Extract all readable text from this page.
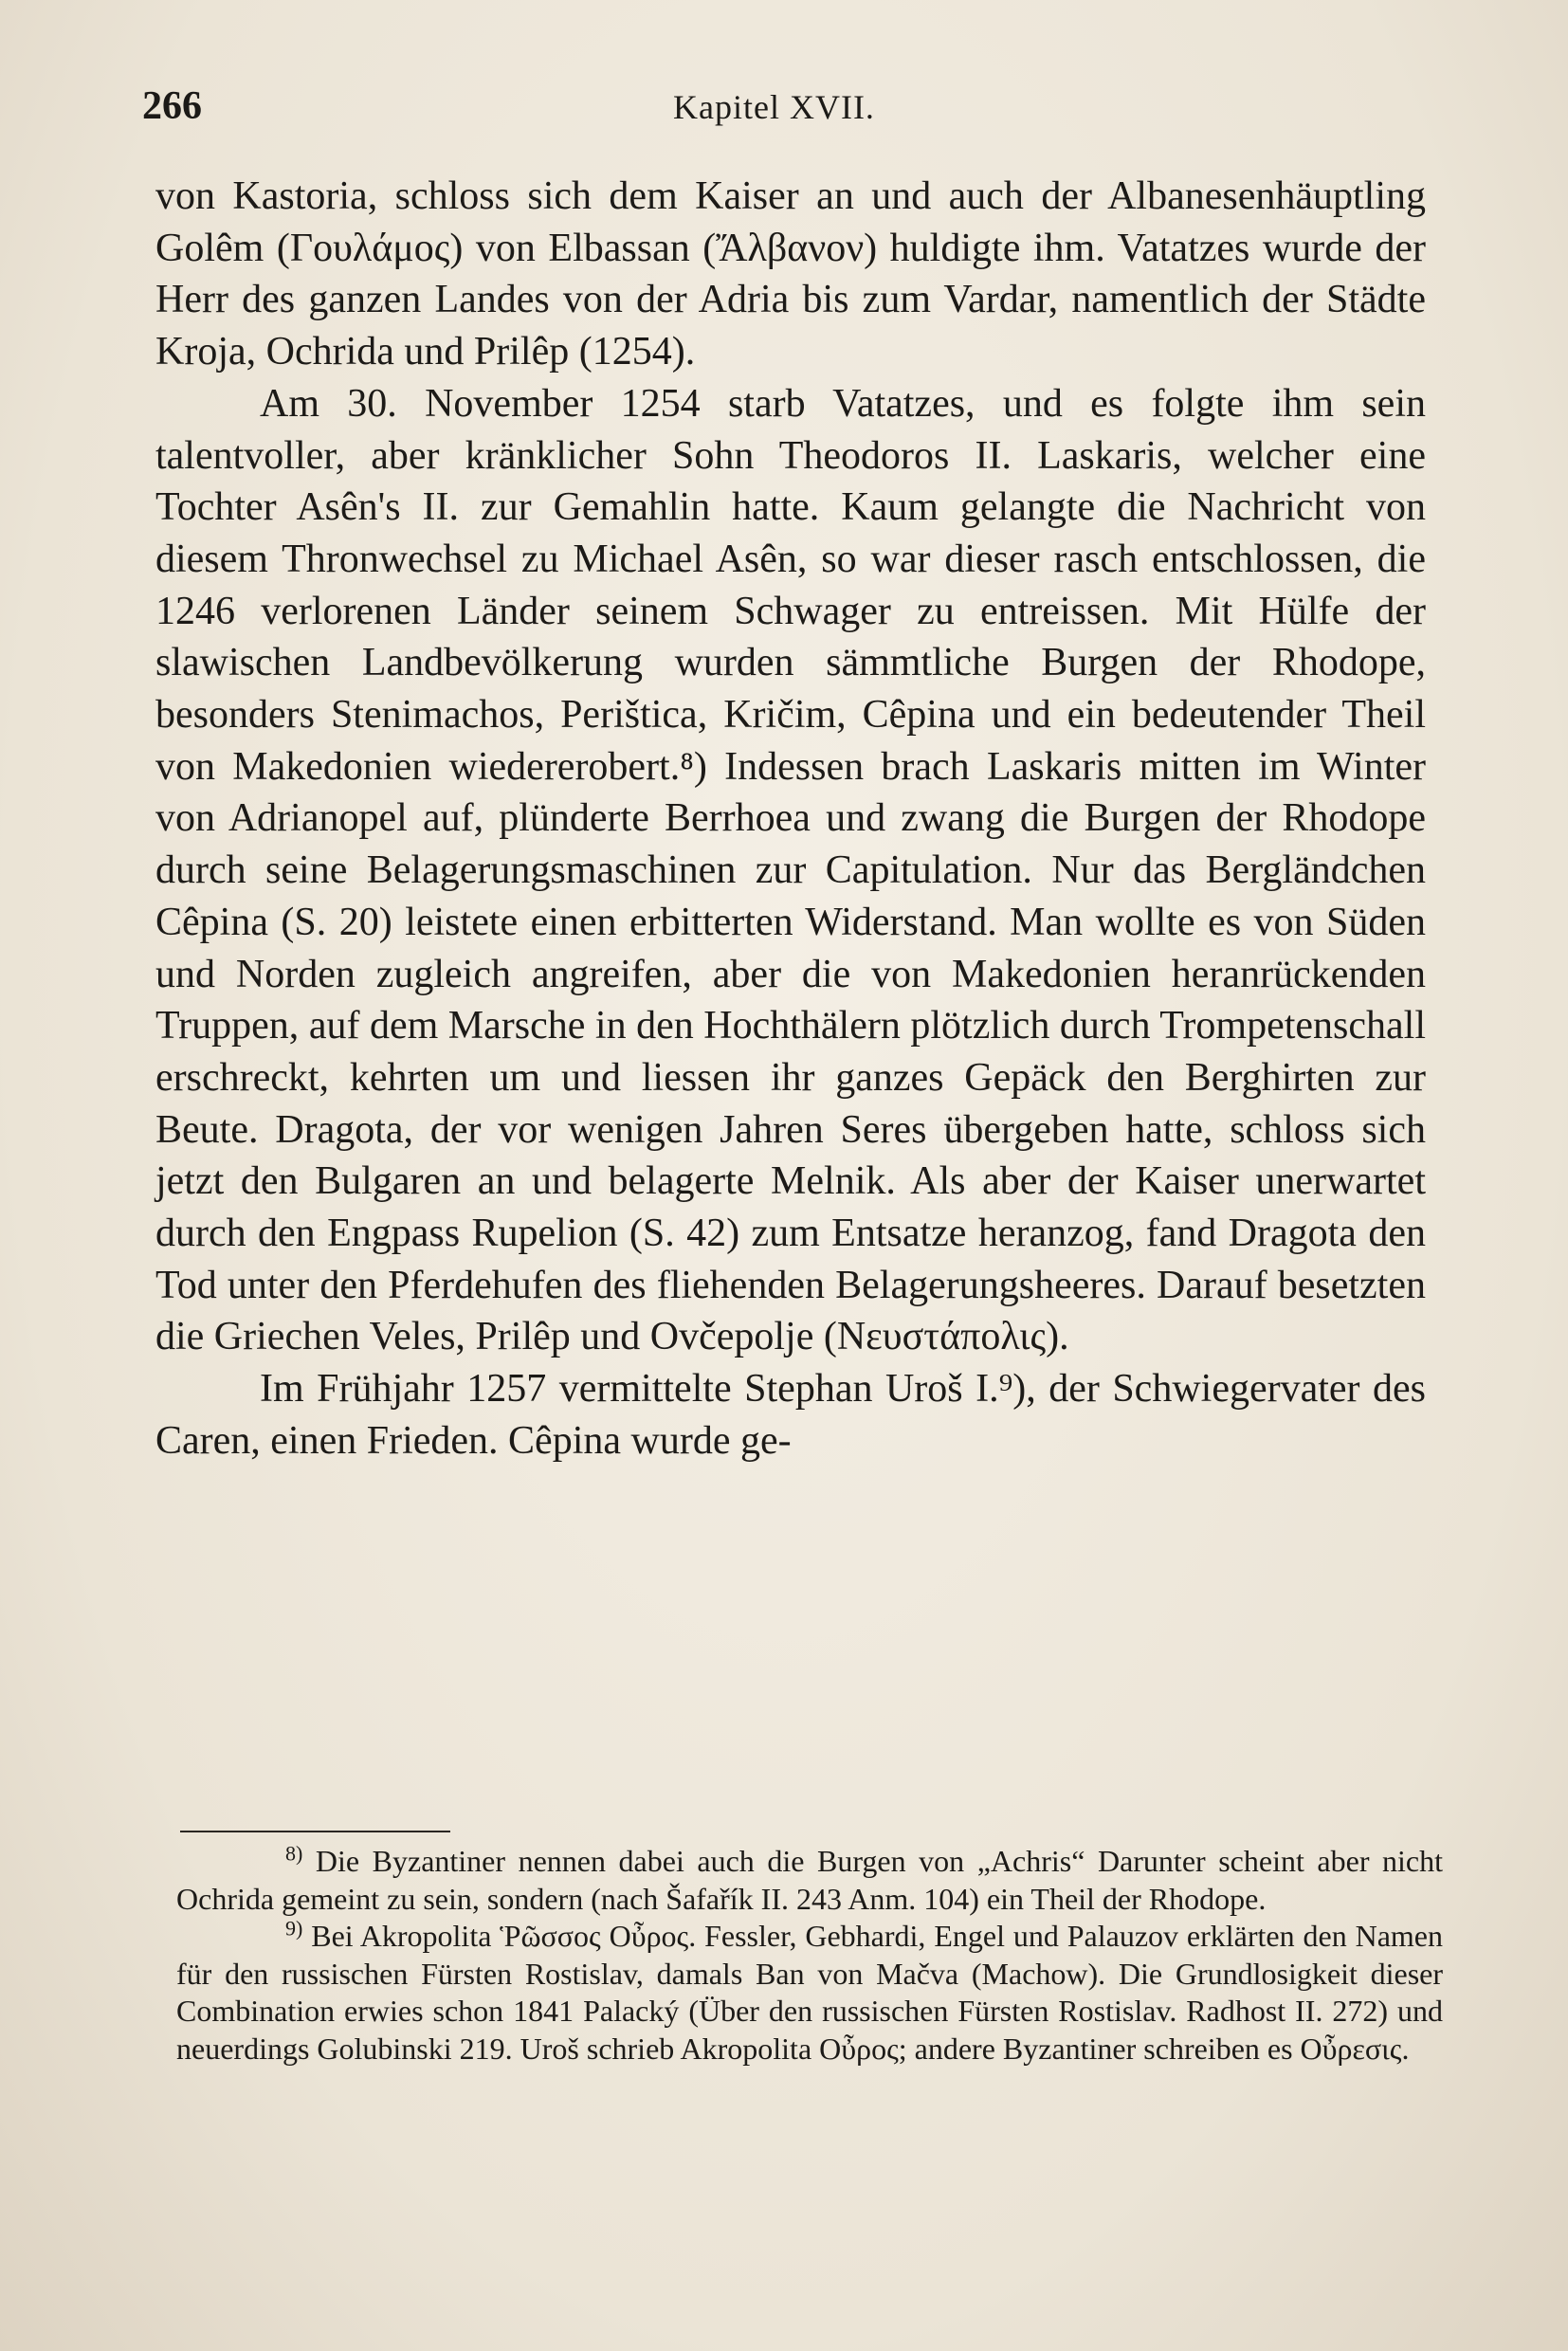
266	Kapitel XVII.

von Kastoria, schloss sich dem Kaiser an und auch der Albanesenhäuptling Golêm (Γουλάμος) von Elbassan (Ἄλβανον) huldigte ihm. Vatatzes wurde der Herr des ganzen Landes von der Adria bis zum Vardar, namentlich der Städte Kroja, Ochrida und Prilêp (1254).

Am 30. November 1254 starb Vatatzes, und es folgte ihm sein talentvoller, aber kränklicher Sohn Theodoros II. Laskaris, welcher eine Tochter Asên's II. zur Gemahlin hatte. Kaum gelangte die Nachricht von diesem Thronwechsel zu Michael Asên, so war dieser rasch entschlossen, die 1246 verlorenen Länder seinem Schwager zu entreissen. Mit Hülfe der slawischen Landbevölkerung wurden sämmtliche Burgen der Rhodope, besonders Stenimachos, Perištica, Kričim, Cêpina und ein bedeutender Theil von Makedonien wiedererobert.⁸) Indessen brach Laskaris mitten im Winter von Adrianopel auf, plünderte Berrhoea und zwang die Burgen der Rhodope durch seine Belagerungsmaschinen zur Capitulation. Nur das Bergländchen Cêpina (S. 20) leistete einen erbitterten Widerstand. Man wollte es von Süden und Norden zugleich angreifen, aber die von Makedonien heranrückenden Truppen, auf dem Marsche in den Hochthälern plötzlich durch Trompetenschall erschreckt, kehrten um und liessen ihr ganzes Gepäck den Berghirten zur Beute. Dragota, der vor wenigen Jahren Seres übergeben hatte, schloss sich jetzt den Bulgaren an und belagerte Melnik. Als aber der Kaiser unerwartet durch den Engpass Rupelion (S. 42) zum Entsatze heranzog, fand Dragota den Tod unter den Pferdehufen des fliehenden Belagerungsheeres. Darauf besetzten die Griechen Veles, Prilêp und Ovčepolje (Νευστάπολις).

Im Frühjahr 1257 vermittelte Stephan Uroš I.⁹), der Schwiegervater des Caren, einen Frieden. Cêpina wurde ge-

$^{8)}$ Die Byzantiner nennen dabei auch die Burgen von „Achris“ Darunter scheint aber nicht Ochrida gemeint zu sein, sondern (nach Šafařík II. 243 Anm. 104) ein Theil der Rhodope.

$^{9)}$ Bei Akropolita Ῥῶσσος Οὖρος. Fessler, Gebhardi, Engel und Palauzov erklärten den Namen für den russischen Fürsten Rostislav, damals Ban von Mačva (Machow). Die Grundlosigkeit dieser Combination erwies schon 1841 Palacký (Über den russischen Fürsten Rostislav. Radhost II. 272) und neuerdings Golubinski 219. Uroš schrieb Akropolita Οὖρος; andere Byzantiner schreiben es Οὖρεσις.
